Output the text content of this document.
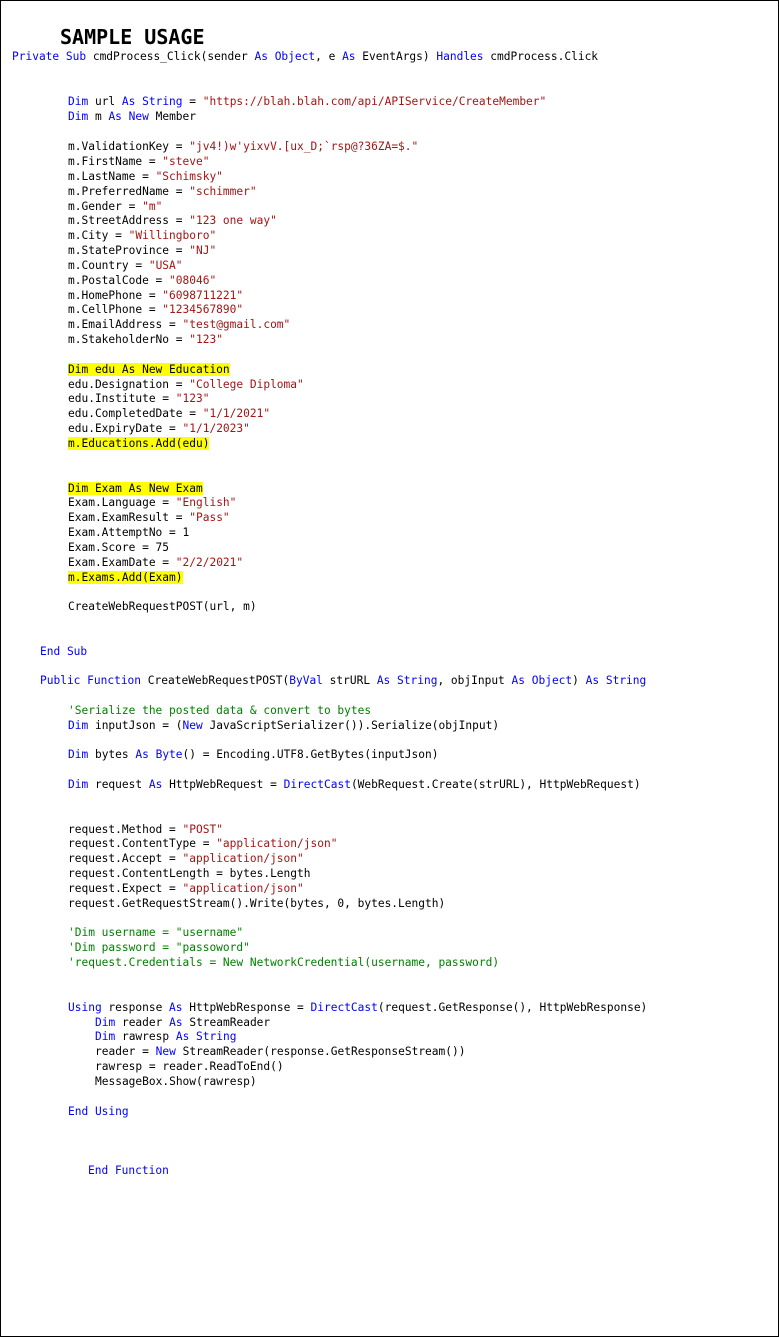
SAMPLE USAGE
Private Sub cmdProcess_Click(sender As Object, e As EventArgs) Handles cmdProcess.Click
Dim url As String = "https://blah.blah.com/api/APIService/CreateMember"
Dim m As New Member
m.ValidationKey = "jv4!)w'yixvV.[ux_D;`rsp@?36ZA=$."
m.FirstName = "steve"
m.LastName = "Schimsky"
m.PreferredName = "schimmer"
m.Gender = "m"
m.StreetAddress = "123 one way"
m.City = "Willingboro"
m.StateProvince = "NJ"
m.Country = "USA"
m.PostalCode = "08046"
m.HomePhone = "6098711221"
m.CellPhone = "1234567890"
m.EmailAddress = "test@gmail.com"
m.StakeholderNo = "123"
Dim edu As New Education
edu.Designation = "College Diploma"
edu.Institute = "123"
edu.CompletedDate = "1/1/2021"
edu.ExpiryDate = "1/1/2023"
m.Educations.Add(edu)
Dim Exam As New Exam
Exam.Language = "English"
Exam.ExamResult = "Pass"
Exam.AttemptNo = 1
Exam.Score = 75
Exam.ExamDate = "2/2/2021"
m.Exams.Add(Exam)
CreateWebRequestPOST(url, m)
End Sub
Public Function CreateWebRequestPOST(ByVal strURL As String, objInput As Object) As String
'Serialize the posted data & convert to bytes
Dim inputJson = (New JavaScriptSerializer()).Serialize(objInput)
Dim bytes As Byte() = Encoding.UTF8.GetBytes(inputJson)
Dim request As HttpWebRequest = DirectCast(WebRequest.Create(strURL), HttpWebRequest)
request.Method = "POST"
request.ContentType = "application/json"
request.Accept = "application/json"
request.ContentLength = bytes.Length
request.Expect = "application/json"
request.GetRequestStream().Write(bytes, 0, bytes.Length)
'Dim username = "username"
'Dim password = "passoword"
'request.Credentials = New NetworkCredential(username, password)
Using response As HttpWebResponse = DirectCast(request.GetResponse(), HttpWebResponse)
Dim reader As StreamReader
Dim rawresp As String
reader = New StreamReader(response.GetResponseStream())
rawresp = reader.ReadToEnd()
MessageBox.Show(rawresp)
End Using
End Function
